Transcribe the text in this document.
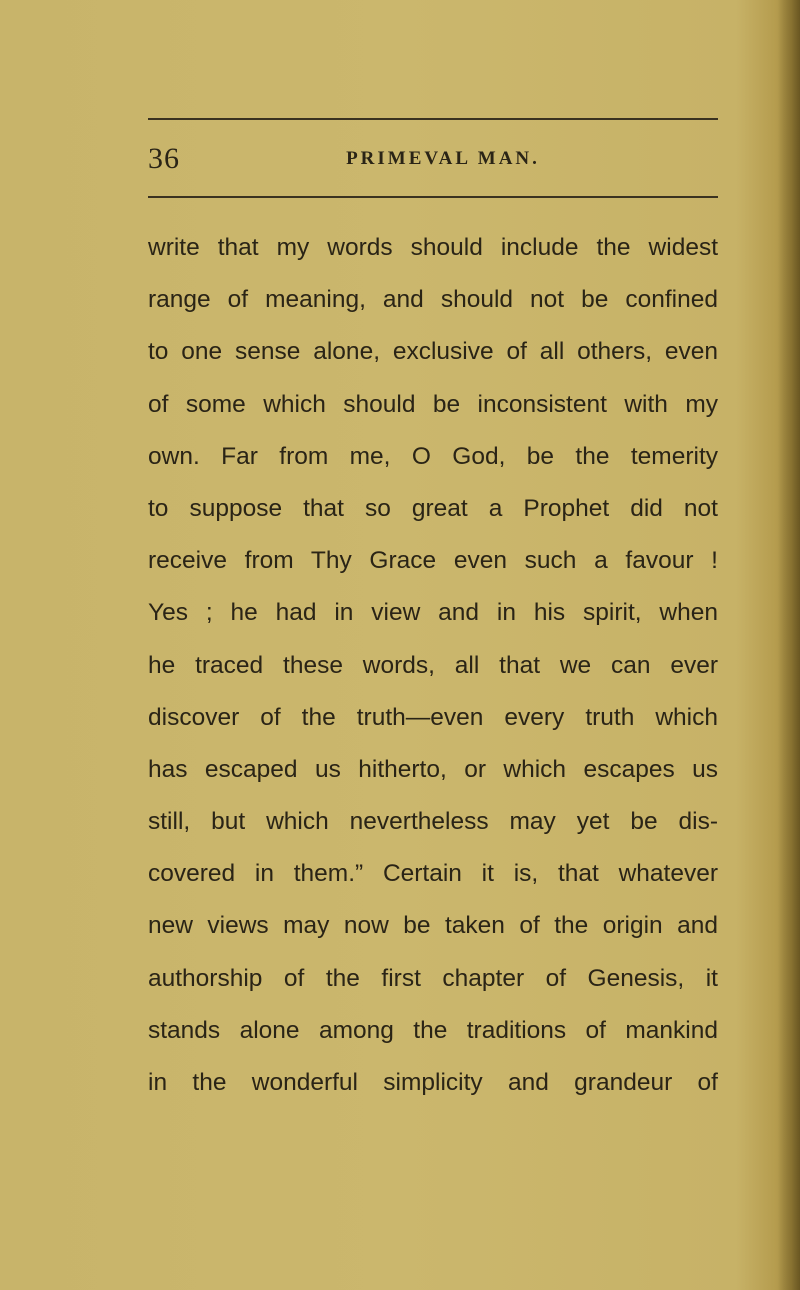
36	PRIMEVAL MAN.
write that my words should include the widest
range of meaning, and should not be confined
to one sense alone, exclusive of all others, even
of some which should be inconsistent with my
own. Far from me, O God, be the temerity
to suppose that so great a Prophet did not
receive from Thy Grace even such a favour !
Yes ; he had in view and in his spirit, when
he traced these words, all that we can ever
discover of the truth—even every truth which
has escaped us hitherto, or which escapes us
still, but which nevertheless may yet be dis-
covered in them.” Certain it is, that whatever
new views may now be taken of the origin and
authorship of the first chapter of Genesis, it
stands alone among the traditions of mankind
in the wonderful simplicity and grandeur of
